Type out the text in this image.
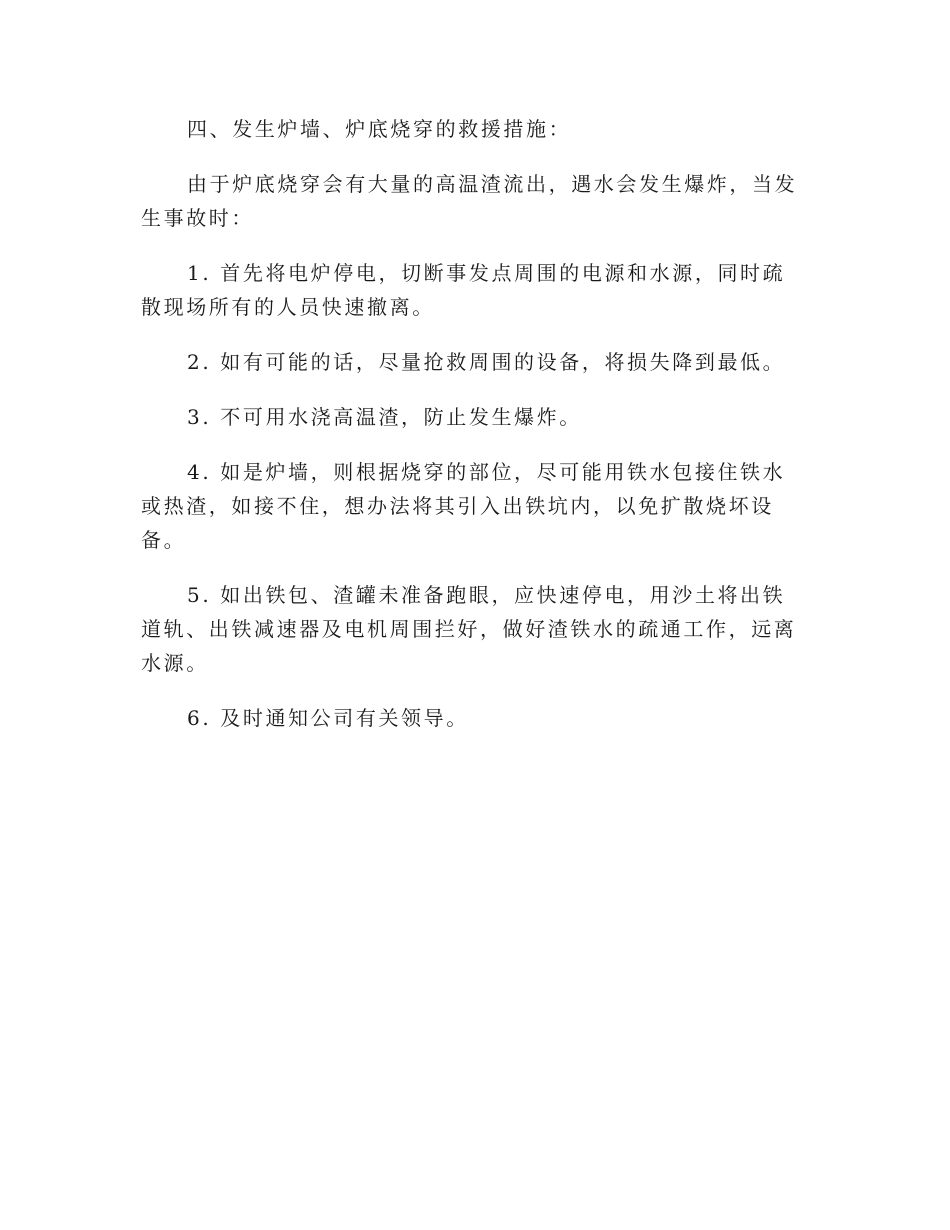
四、发生炉墙、炉底烧穿的救援措施：

由于炉底烧穿会有大量的高温渣流出，遇水会发生爆炸，当发生事故时：

1. 首先将电炉停电，切断事发点周围的电源和水源，同时疏散现场所有的人员快速撤离。

2. 如有可能的话，尽量抢救周围的设备，将损失降到最低。

3. 不可用水浇高温渣，防止发生爆炸。

4. 如是炉墙，则根据烧穿的部位，尽可能用铁水包接住铁水或热渣，如接不住，想办法将其引入出铁坑内，以免扩散烧坏设备。

5. 如出铁包、渣罐未准备跑眼，应快速停电，用沙土将出铁道轨、出铁减速器及电机周围拦好，做好渣铁水的疏通工作，远离水源。

6. 及时通知公司有关领导。
